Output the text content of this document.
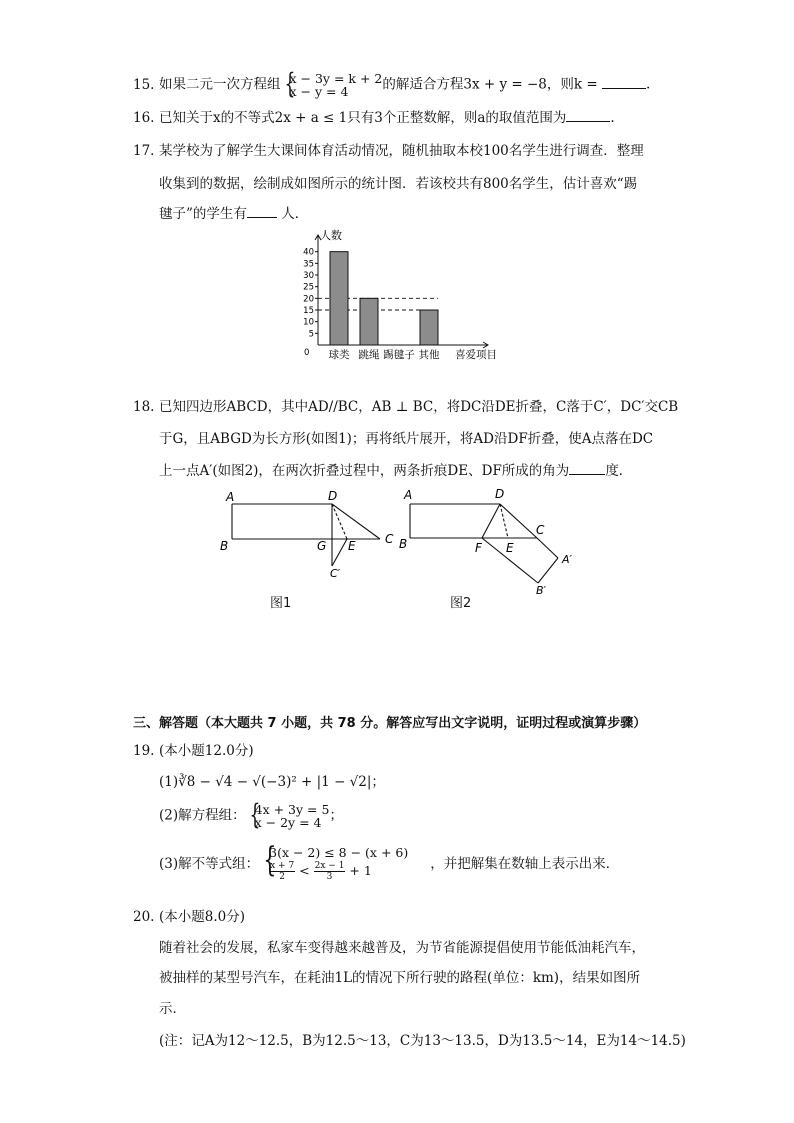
15. 如果二元一次方程组 {
x − 3y = k + 2
x − y = 4	的解适合方程3x + y = −8，则k =	.
16. 已知关于x的不等式2x + a ≤ 1只有3个正整数解，则a的取值范围为	.
17. 某学校为了解学生大课间体育活动情况，随机抽取本校100名学生进行调查．整理
收集到的数据，绘制成如图所示的统计图．若该校共有800名学生，估计喜欢“踢
毽子”的学生有 人．
人数
0
5
10
15
20
25
30
35
40
球类 跳绳 踢毽子 其他 喜爱项目
18. 已知四边形ABCD，其中AD//BC，AB ⊥ BC，将DC沿DE折叠，C落于C′，DC′交CB
于G，且ABGD为长方形(如图1)；再将纸片展开，将AD沿DF折叠，使A点落在DC
上一点A′(如图2)，在两次折叠过程中，两条折痕DE、DF所成的角为	度．
A
B	C
D
G E
C′
图1
A
B
C
D
F E
A′
B′
图2
三、解答题（本大题共 7 小题，共 78 分。解答应写出文字说明，证明过程或演算步骤）
19. (本小题12.0分)
(1)∛8 − √4 − √(−3)² + |1 − √2|；
(2)解方程组： {
4x + 3y = 5
x − 2y = 4 ；
(3)解不等式组： {
3(x − 2) ≤ 8 − (x + 6)
$\frac{x + 7}{2} < \frac{2x - 1}{3} + 1$	，并把解集在数轴上表示出来．
20. (本小题8.0分)
随着社会的发展，私家车变得越来越普及，为节省能源提倡使用节能低油耗汽车，
被抽样的某型号汽车，在耗油1L的情况下所行驶的路程(单位：km)，结果如图所
示．
(注：记A为12～12.5，B为12.5～13，C为13～13.5，D为13.5～14，E为14～14.5)
